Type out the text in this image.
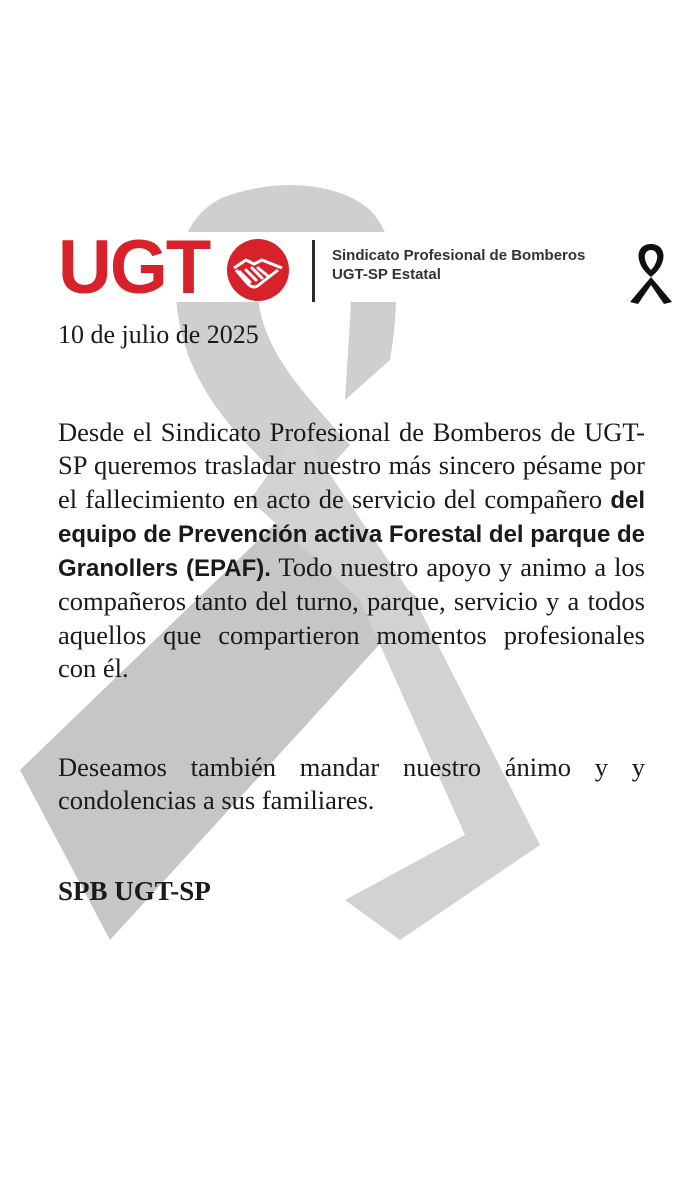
UGT	Sindicato Profesional de Bomberos
UGT-SP Estatal
10 de julio de 2025

Desde el Sindicato Profesional de Bomberos de UGT-SP queremos trasladar nuestro más sincero pésame por el fallecimiento en acto de servicio del compañero del equipo de Prevención activa Forestal del parque de Granollers (EPAF). Todo nuestro apoyo y animo a los compañeros tanto del turno, parque, servicio y a todos aquellos que compartieron momentos profesionales con él.

Deseamos también mandar nuestro ánimo y y condolencias a sus familiares.

SPB UGT-SP
